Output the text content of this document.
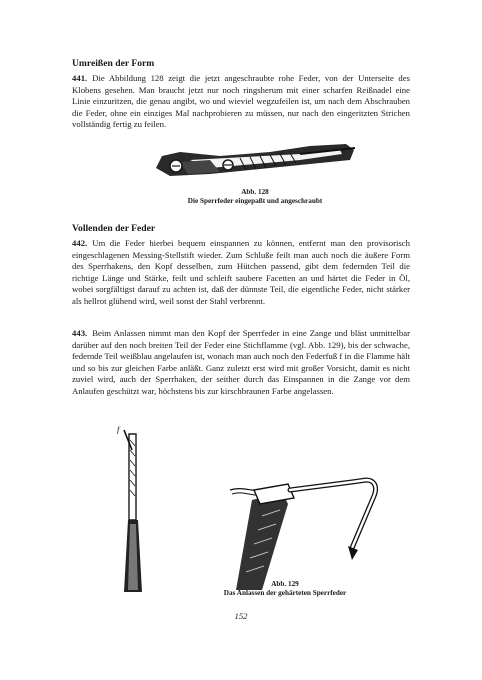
Umreißen der Form

441. Die Abbildung 128 zeigt die jetzt angeschraubte rohe Feder, von der Unterseite des Klobens gesehen. Man braucht jetzt nur noch ringsherum mit einer scharfen Reißnadel eine Linie einzuritzen, die genau angibt, wo und wieviel wegzufeilen ist, um nach dem Abschrauben die Feder, ohne ein einziges Mal nachprobieren zu müssen, nur nach den eingeritzten Strichen vollständig fertig zu feilen.

Abb. 128
Die Sperrfeder eingepaßt und angeschraubt
Vollenden der Feder

442. Um die Feder hierbei bequem einspannen zu können, entfernt man den provisorisch eingeschlagenen Messing-Stellstift wieder. Zum Schluße feilt man auch noch die äußere Form des Sperrhakens, den Kopf desselben, zum Hütchen passend, gibt dem federnden Teil die richtige Länge und Stärke, feilt und schleift saubere Facetten an und härtet die Feder in Öl, wobei sorgfältigst darauf zu achten ist, daß der dünnste Teil, die eigentliche Feder, nicht stärker als hellrot glühend wird, weil sonst der Stahl verbrennt.

443. Beim Anlassen nimmt man den Kopf der Sperrfeder in eine Zange und bläst unmittelbar darüber auf den noch breiten Teil der Feder eine Stichflamme (vgl. Abb. 129), bis der schwache, federnde Teil weißblau angelaufen ist, wonach man auch noch den Federfuß f in die Flamme hält und so bis zur gleichen Farbe anläßt. Ganz zuletzt erst wird mit großer Vorsicht, damit es nicht zuviel wird, auch der Sperrhaken, der seither durch das Einspannen in die Zange vor dem Anlaufen geschützt war, höchstens bis zur kirschbraunen Farbe angelassen.

f
Abb. 129
Das Anlassen der gehärteten Sperrfeder
152
